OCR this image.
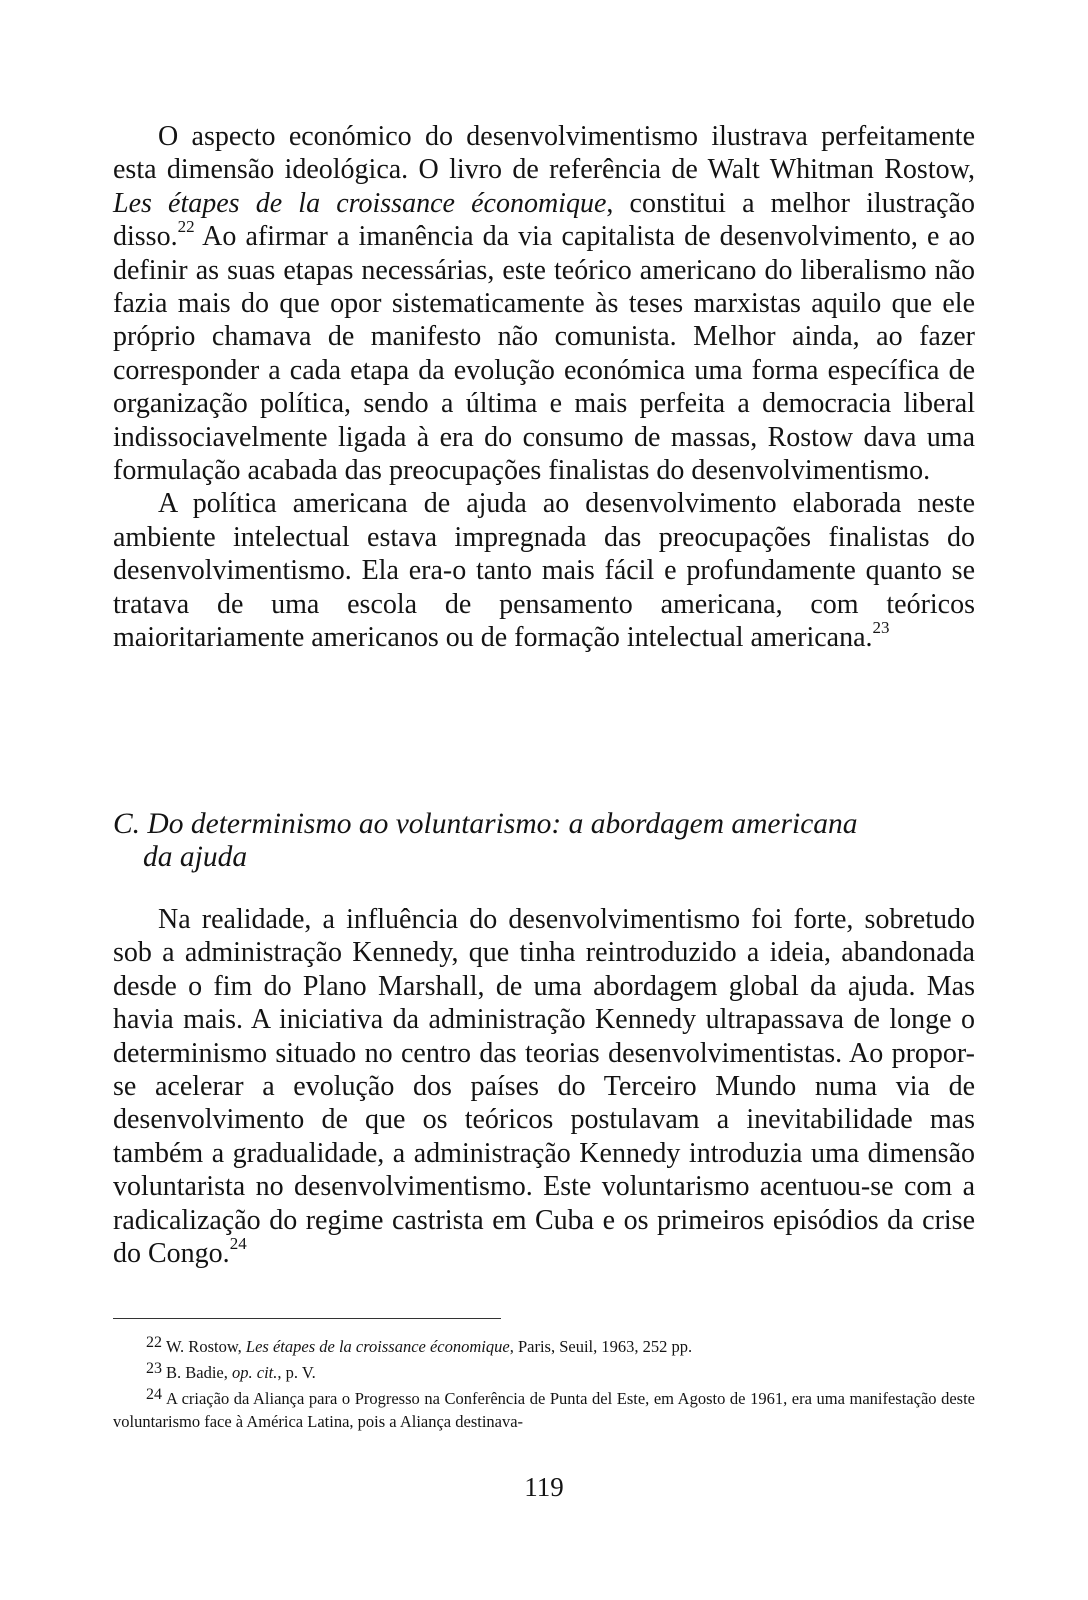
O aspecto económico do desenvolvimentismo ilustrava perfeitamente esta dimensão ideológica. O livro de referência de Walt Whitman Rostow, Les étapes de la croissance économique, constitui a melhor ilustração disso.$^{22}$ Ao afirmar a imanência da via capitalista de desenvolvimento, e ao definir as suas etapas necessárias, este teórico americano do liberalismo não fazia mais do que opor sistematicamente às teses marxistas aquilo que ele próprio chamava de manifesto não comunista. Melhor ainda, ao fazer corresponder a cada etapa da evolução económica uma forma específica de organização política, sendo a última e mais perfeita a democracia liberal indissociavelmente ligada à era do consumo de massas, Rostow dava uma formulação acabada das preocupações finalistas do desenvolvimentismo.

A política americana de ajuda ao desenvolvimento elaborada neste ambiente intelectual estava impregnada das preocupações finalistas do desenvolvimentismo. Ela era-o tanto mais fácil e profundamente quanto se tratava de uma escola de pensamento americana, com teóricos maioritariamente americanos ou de formação intelectual americana.$^{23}$

C. Do determinismo ao voluntarismo: a abordagem americana
da ajuda

Na realidade, a influência do desenvolvimentismo foi forte, sobretudo sob a administração Kennedy, que tinha reintroduzido a ideia, abandonada desde o fim do Plano Marshall, de uma abordagem global da ajuda. Mas havia mais. A iniciativa da administração Kennedy ultrapassava de longe o determinismo situado no centro das teorias desenvolvimentistas. Ao propor-se acelerar a evolução dos países do Terceiro Mundo numa via de desenvolvimento de que os teóricos postulavam a inevitabilidade mas também a gradualidade, a administração Kennedy introduzia uma dimensão voluntarista no desenvolvimentismo. Este voluntarismo acentuou-se com a radicalização do regime castrista em Cuba e os primeiros episódios da crise do Congo.$^{24}$

22 W. Rostow, Les étapes de la croissance économique, Paris, Seuil, 1963, 252 pp.
23 B. Badie, op. cit., p. V.
24 A criação da Aliança para o Progresso na Conferência de Punta del Este, em Agosto de 1961, era uma manifestação deste voluntarismo face à América Latina, pois a Aliança destinava-
119
